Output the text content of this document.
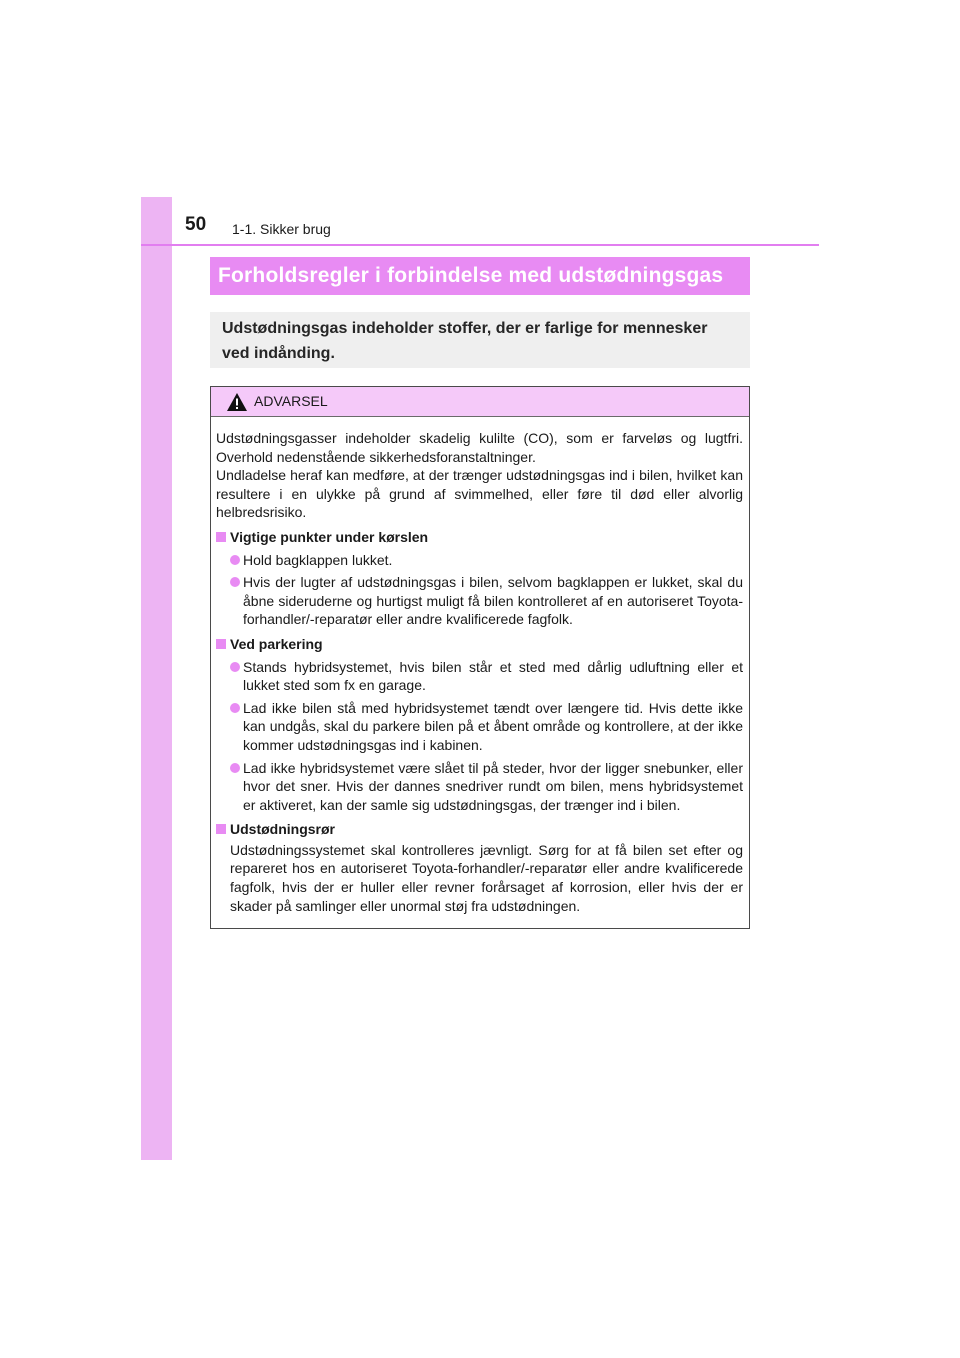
50 1-1. Sikker brug
Forholdsregler i forbindelse med udstødningsgas
Udstødningsgas indeholder stoffer, der er farlige for mennesker ved indånding.
ADVARSEL

Udstødningsgasser indeholder skadelig kulilte (CO), som er farveløs og lugtfri. Overhold nedenstående sikkerhedsforanstaltninger.

Undladelse heraf kan medføre, at der trænger udstødningsgas ind i bilen, hvilket kan resultere i en ulykke på grund af svimmelhed, eller føre til død eller alvorlig helbredsrisiko.

Vigtige punkter under kørslen
Hold bagklappen lukket.
Hvis der lugter af udstødningsgas i bilen, selvom bagklappen er lukket, skal du åbne sideruderne og hurtigst muligt få bilen kontrolleret af en autoriseret Toyota-forhandler/-reparatør eller andre kvalificerede fagfolk.
Ved parkering
Stands hybridsystemet, hvis bilen står et sted med dårlig udluftning eller et lukket sted som fx en garage.
Lad ikke bilen stå med hybridsystemet tændt over længere tid. Hvis dette ikke kan undgås, skal du parkere bilen på et åbent område og kontrollere, at der ikke kommer udstødningsgas ind i kabinen.
Lad ikke hybridsystemet være slået til på steder, hvor der ligger snebunker, eller hvor det sner. Hvis der dannes snedriver rundt om bilen, mens hybridsystemet er aktiveret, kan der samle sig udstødningsgas, der trænger ind i bilen.
Udstødningsrør
Udstødningssystemet skal kontrolleres jævnligt. Sørg for at få bilen set efter og repareret hos en autoriseret Toyota-forhandler/-reparatør eller andre kvalificerede fagfolk, hvis der er huller eller revner forårsaget af korrosion, eller hvis der er skader på samlinger eller unormal støj fra udstødningen.
